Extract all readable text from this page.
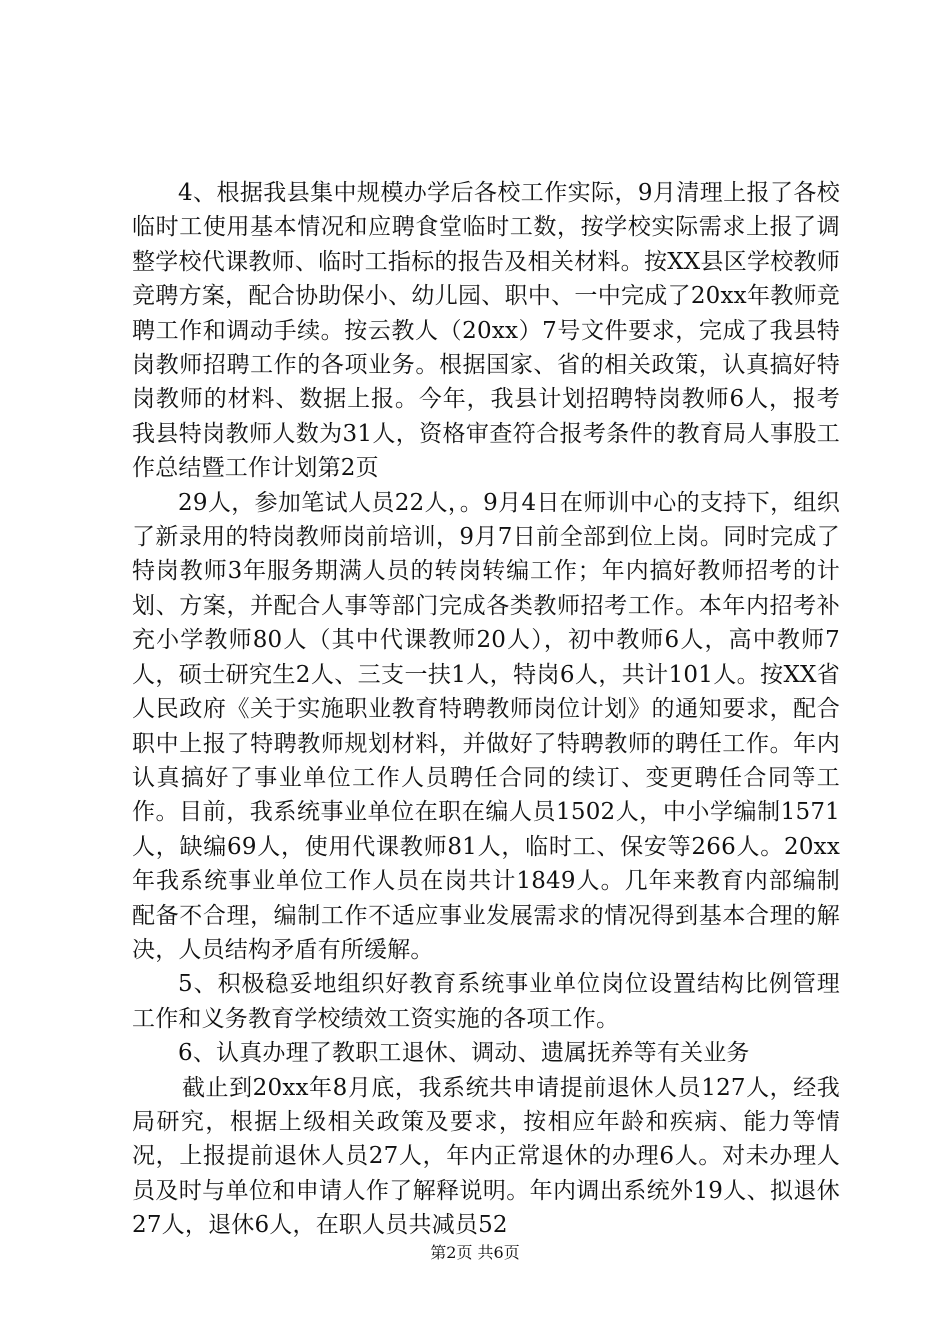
4、根据我县集中规模办学后各校工作实际，9月清理上报了各校临时工使用基本情况和应聘食堂临时工数，按学校实际需求上报了调整学校代课教师、临时工指标的报告及相关材料。按XX县区学校教师竞聘方案，配合协助保小、幼儿园、职中、一中完成了20xx年教师竞聘工作和调动手续。按云教人（20xx）7号文件要求，完成了我县特岗教师招聘工作的各项业务。根据国家、省的相关政策，认真搞好特岗教师的材料、数据上报。今年，我县计划招聘特岗教师6人，报考我县特岗教师人数为31人，资格审查符合报考条件的教育局人事股工作总结暨工作计划第2页

29人，参加笔试人员22人，。9月4日在师训中心的支持下，组织了新录用的特岗教师岗前培训，9月7日前全部到位上岗。同时完成了特岗教师3年服务期满人员的转岗转编工作；年内搞好教师招考的计划、方案，并配合人事等部门完成各类教师招考工作。本年内招考补充小学教师80人（其中代课教师20人），初中教师6人，高中教师7人，硕士研究生2人、三支一扶1人，特岗6人，共计101人。按XX省人民政府《关于实施职业教育特聘教师岗位计划》的通知要求，配合职中上报了特聘教师规划材料，并做好了特聘教师的聘任工作。年内认真搞好了事业单位工作人员聘任合同的续订、变更聘任合同等工作。目前，我系统事业单位在职在编人员1502人，中小学编制1571人，缺编69人，使用代课教师81人，临时工、保安等266人。20xx年我系统事业单位工作人员在岗共计1849人。几年来教育内部编制配备不合理，编制工作不适应事业发展需求的情况得到基本合理的解决，人员结构矛盾有所缓解。

5、积极稳妥地组织好教育系统事业单位岗位设置结构比例管理工作和义务教育学校绩效工资实施的各项工作。

6、认真办理了教职工退休、调动、遗属抚养等有关业务

截止到20xx年8月底，我系统共申请提前退休人员127人，经我局研究，根据上级相关政策及要求，按相应年龄和疾病、能力等情况，上报提前退休人员27人，年内正常退休的办理6人。对未办理人员及时与单位和申请人作了解释说明。年内调出系统外19人、拟退休27人，退休6人，在职人员共减员52

第2页 共6页
